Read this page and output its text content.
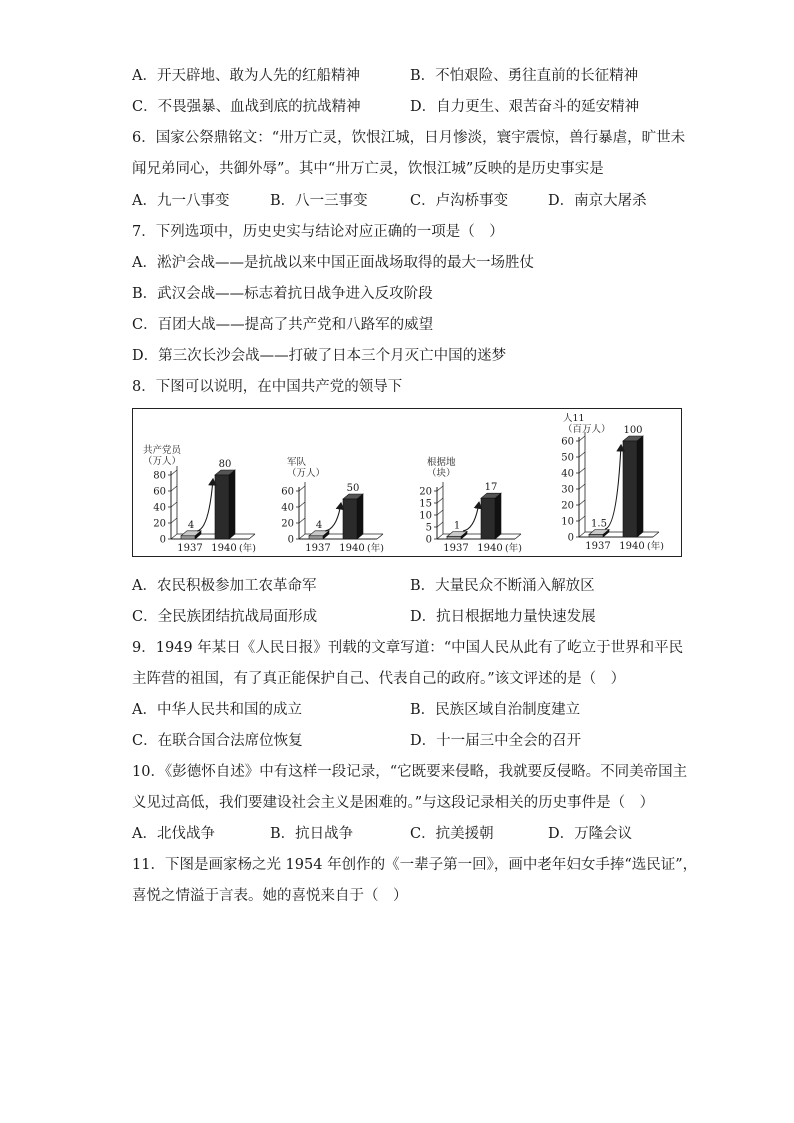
A．开天辟地、敢为人先的红船精神	B．不怕艰险、勇往直前的长征精神
C．不畏强暴、血战到底的抗战精神	D．自力更生、艰苦奋斗的延安精神
6．国家公祭鼎铭文：“卅万亡灵，饮恨江城，日月惨淡，寰宇震惊，兽行暴虐，旷世未
闻兄弟同心，共御外辱”。其中“卅万亡灵，饮恨江城”反映的是历史事实是
A．九一八事变	B．八一三事变	C．卢沟桥事变	D．南京大屠杀
7．下列选项中，历史史实与结论对应正确的一项是（　）
A．淞沪会战——是抗战以来中国正面战场取得的最大一场胜仗
B．武汉会战——标志着抗日战争进入反攻阶段
C．百团大战——提高了共产党和八路军的威望
D．第三次长沙会战——打破了日本三个月灭亡中国的迷梦
8．下图可以说明，在中国共产党的领导下
共产党员
（万人）
0
20
40
60
80
4
1937
80
1940 (年)
军队
（万人）
0
20
40
60
4
1937
50
1940 (年)
根据地
（块）
0
5
10
15
20
1
1937
17
1940 (年)
人11
（百万人）
0
10
20
30
40
50
60
1.5
1937
100
1940 (年)
A．农民积极参加工农革命军	B．大量民众不断涌入解放区
C．全民族团结抗战局面形成	D．抗日根据地力量快速发展
9．1949 年某日《人民日报》刊载的文章写道：“中国人民从此有了屹立于世界和平民
主阵营的祖国，有了真正能保护自己、代表自己的政府。”该文评述的是（　）
A．中华人民共和国的成立	B．民族区域自治制度建立
C．在联合国合法席位恢复	D．十一届三中全会的召开
10．《彭德怀自述》中有这样一段记录，“它既要来侵略，我就要反侵略。不同美帝国主
义见过高低，我们要建设社会主义是困难的。”与这段记录相关的历史事件是（　）
A．北伐战争	B．抗日战争	C．抗美援朝	D．万隆会议
11．下图是画家杨之光 1954 年创作的《一辈子第一回》，画中老年妇女手捧“选民证”，
喜悦之情溢于言表。她的喜悦来自于（　）
